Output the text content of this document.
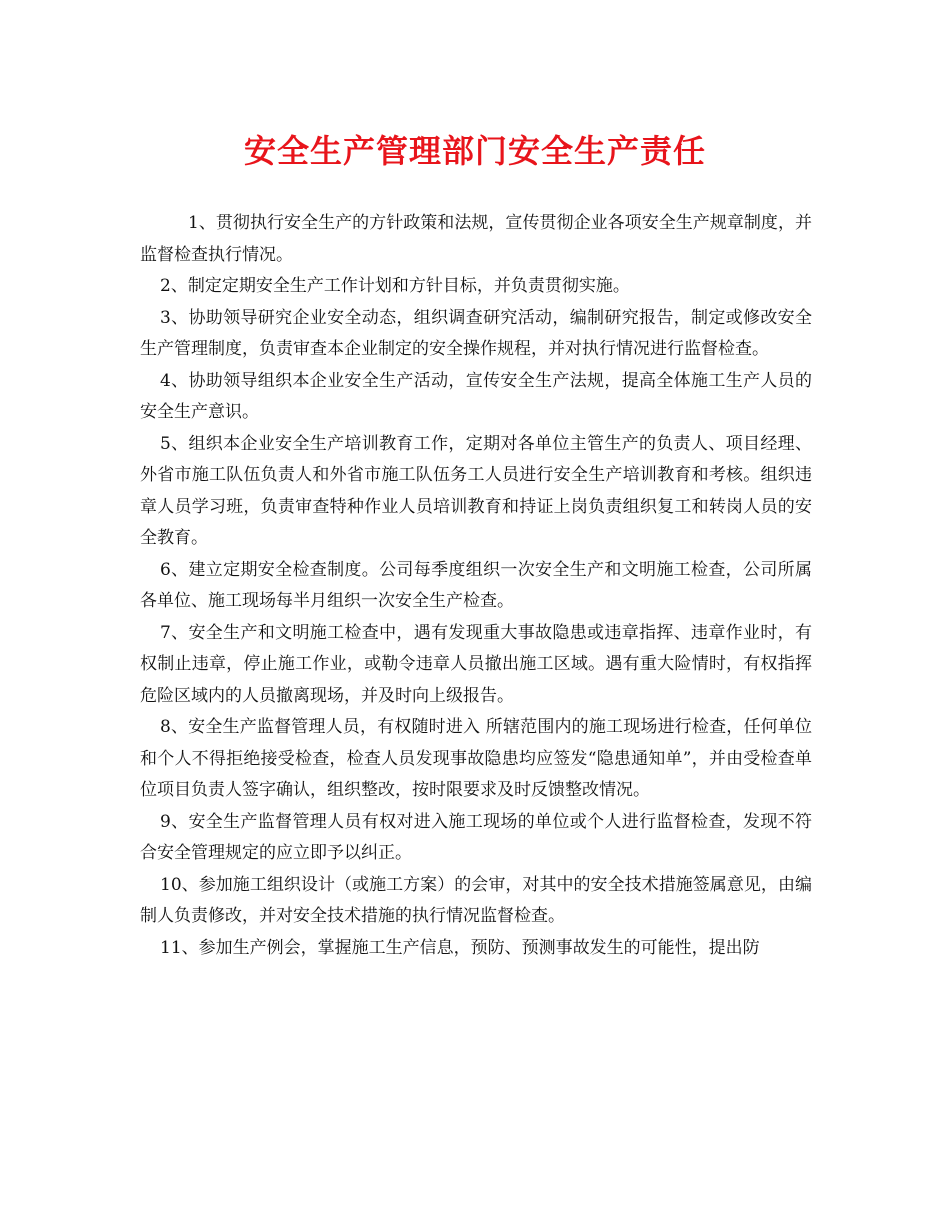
安全生产管理部门安全生产责任

1、贯彻执行安全生产的方针政策和法规，宣传贯彻企业各项安全生产规章制度，并监督检查执行情况。

2、制定定期安全生产工作计划和方针目标，并负责贯彻实施。

3、协助领导研究企业安全动态，组织调查研究活动，编制研究报告，制定或修改安全生产管理制度，负责审查本企业制定的安全操作规程，并对执行情况进行监督检查。

4、协助领导组织本企业安全生产活动，宣传安全生产法规，提高全体施工生产人员的安全生产意识。

5、组织本企业安全生产培训教育工作，定期对各单位主管生产的负责人、项目经理、外省市施工队伍负责人和外省市施工队伍务工人员进行安全生产培训教育和考核。组织违章人员学习班，负责审查特种作业人员培训教育和持证上岗负责组织复工和转岗人员的安全教育。

6、建立定期安全检查制度。公司每季度组织一次安全生产和文明施工检查，公司所属各单位、施工现场每半月组织一次安全生产检查。

7、安全生产和文明施工检查中，遇有发现重大事故隐患或违章指挥、违章作业时，有权制止违章，停止施工作业，或勒令违章人员撤出施工区域。遇有重大险情时，有权指挥危险区域内的人员撤离现场，并及时向上级报告。

8、安全生产监督管理人员，有权随时进入 所辖范围内的施工现场进行检查，任何单位和个人不得拒绝接受检查，检查人员发现事故隐患均应签发“隐患通知单”，并由受检查单位项目负责人签字确认，组织整改，按时限要求及时反馈整改情况。

9、安全生产监督管理人员有权对进入施工现场的单位或个人进行监督检查，发现不符合安全管理规定的应立即予以纠正。

10、参加施工组织设计（或施工方案）的会审，对其中的安全技术措施签属意见，由编制人负责修改，并对安全技术措施的执行情况监督检查。

11、参加生产例会，掌握施工生产信息，预防、预测事故发生的可能性，提出防
